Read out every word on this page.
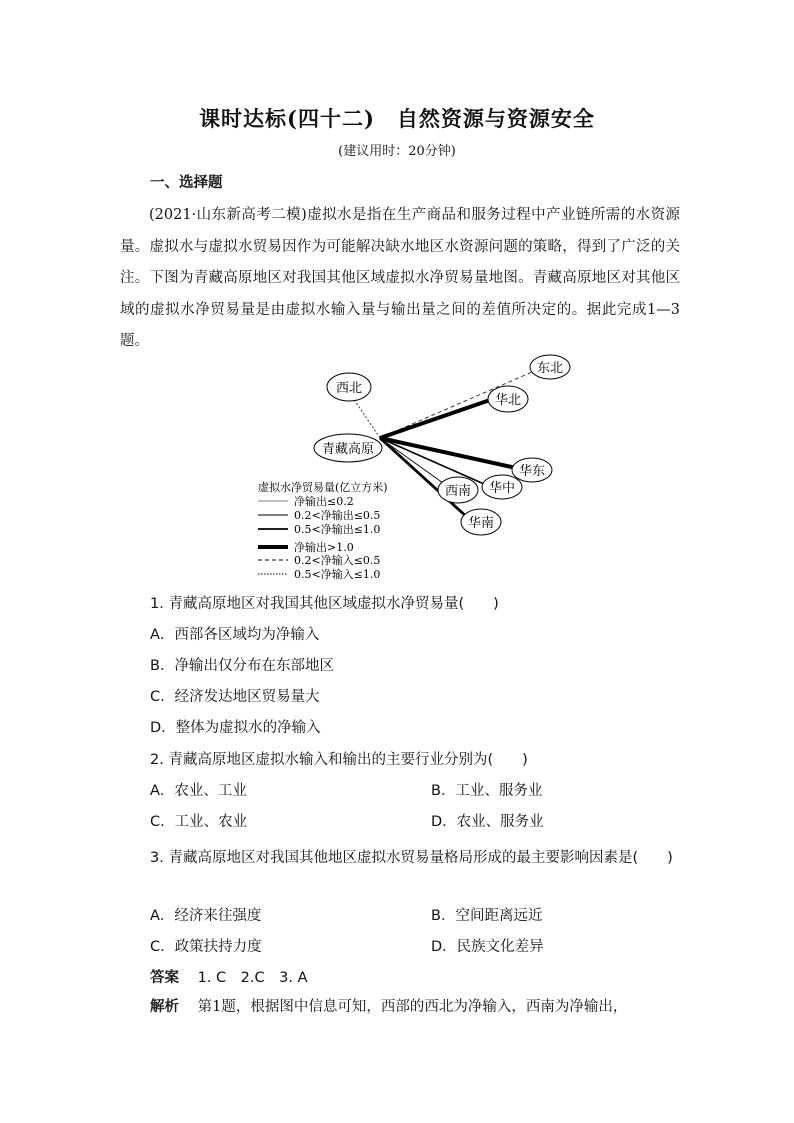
课时达标(四十二)　自然资源与资源安全
(建议用时：20分钟)
一、选择题
(2021·山东新高考二模)虚拟水是指在生产商品和服务过程中产业链所需的水资源量。虚拟水与虚拟水贸易因作为可能解决缺水地区水资源问题的策略，得到了广泛的关注。下图为青藏高原地区对我国其他区域虚拟水净贸易量地图。青藏高原地区对其他区域的虚拟水净贸易量是由虚拟水输入量与输出量之间的差值所决定的。据此完成1—3题。
西北
东北
华北
青藏高原
华东
西南 华中
华南
虚拟水净贸易量(亿立方米)
净输出≤0.2
0.2<净输出≤0.5
0.5<净输出≤1.0
净输出>1.0
0.2<净输入≤0.5
0.5<净输入≤1.0
1. 青藏高原地区对我国其他区域虚拟水净贸易量(　　)
A．西部各区域均为净输入
B．净输出仅分布在东部地区
C．经济发达地区贸易量大
D．整体为虚拟水的净输入
2. 青藏高原地区虚拟水输入和输出的主要行业分别为(　　)
A．农业、工业	B．工业、服务业
C．工业、农业	D．农业、服务业
3. 青藏高原地区对我国其他地区虚拟水贸易量格局形成的最主要影响因素是(　　)
A．经济来往强度	B．空间距离远近
C．政策扶持力度	D．民族文化差异
答案 1. C　2.C　3. A
解析 第1题，根据图中信息可知，西部的西北为净输入，西南为净输出，
